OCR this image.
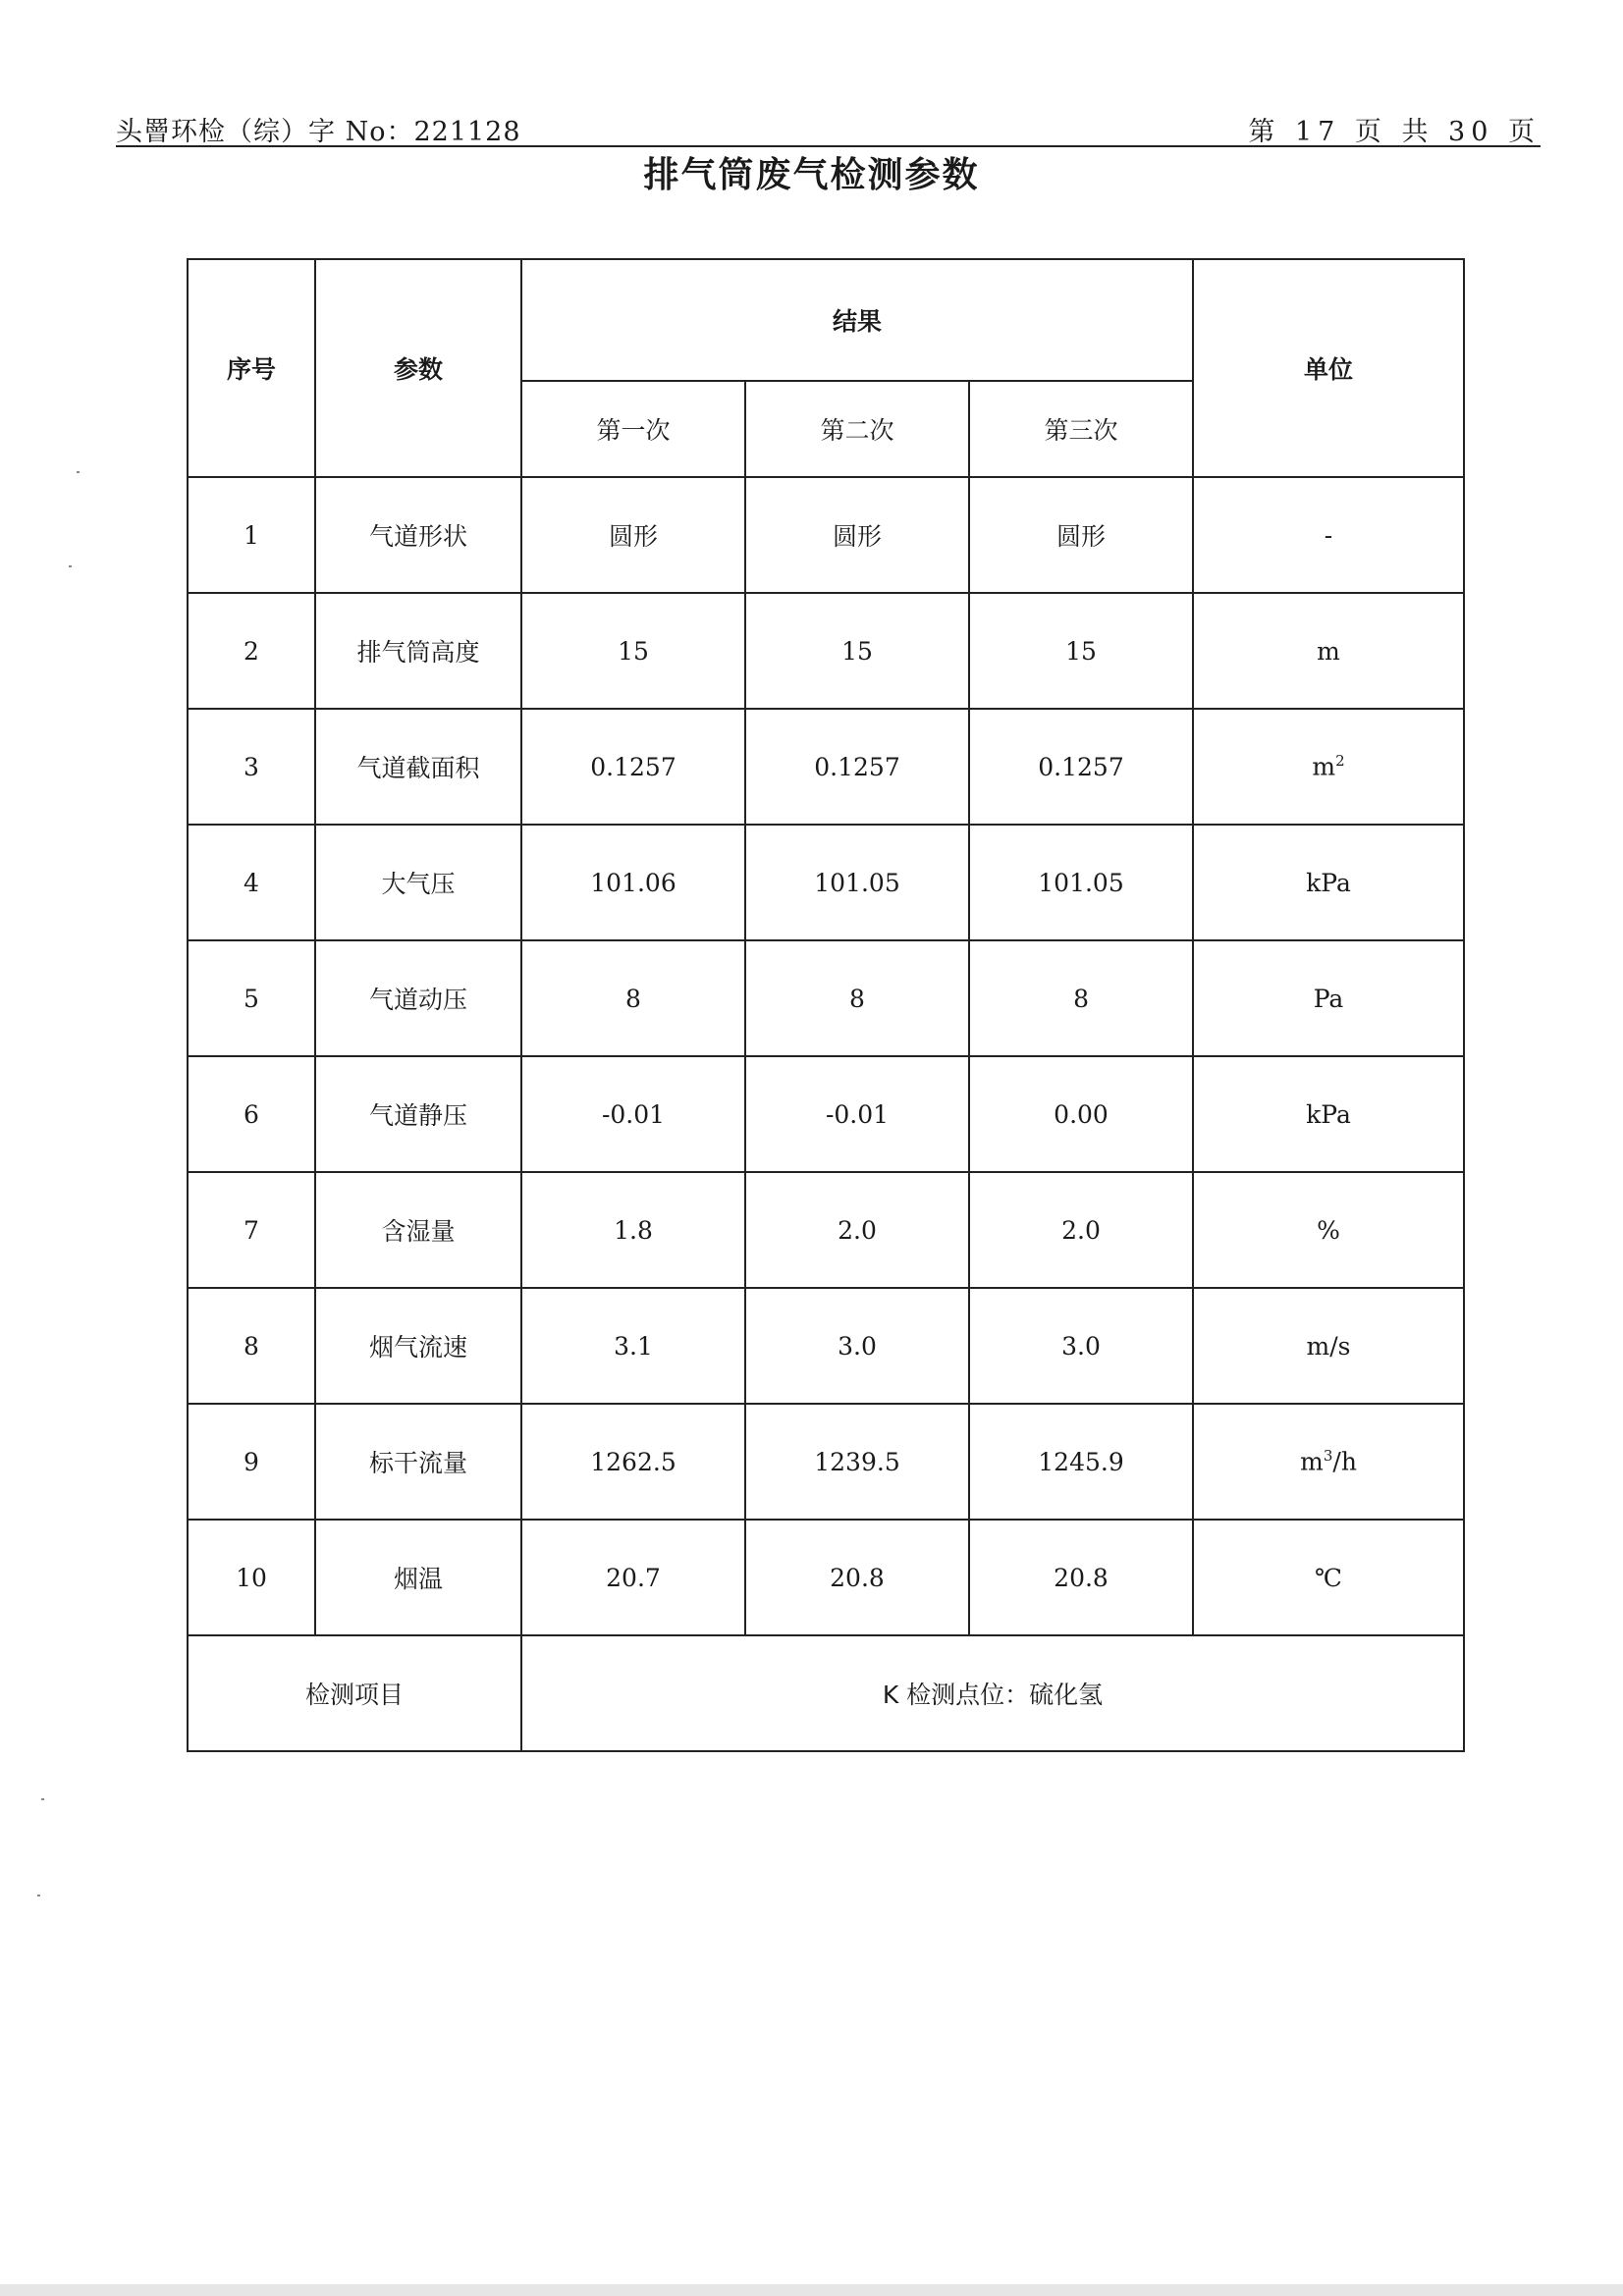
头罾环检（综）字 No：221128	第 17 页 共 30 页
排气筒废气检测参数
序号	参数	结果			单位
		第一次	第二次	第三次	
1	气道形状	圆形	圆形	圆形	-
2	排气筒高度	15	15	15	m
3	气道截面积	0.1257	0.1257	0.1257	$m^2$
4	大气压	101.06	101.05	101.05	kPa
5	气道动压	8	8	8	Pa
6	气道静压	-0.01	-0.01	0.00	kPa
7	含湿量	1.8	2.0	2.0	%
8	烟气流速	3.1	3.0	3.0	m/s
9	标干流量	1262.5	1239.5	1245.9	$m^3/h$
10	烟温	20.7	20.8	20.8	℃
检测项目		K 检测点位：硫化氢			
